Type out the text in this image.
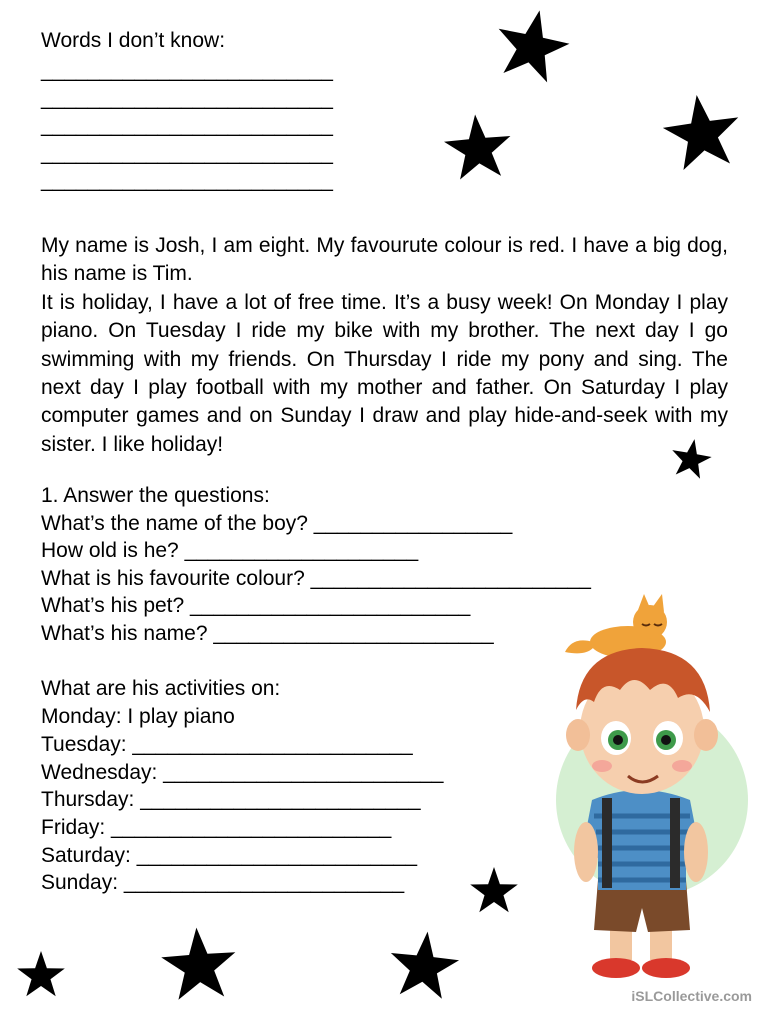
Words I don’t know:
_________________________
_________________________
_________________________
_________________________
_________________________

My name is Josh, I am eight. My favourute colour is red. I have a big dog, his name is Tim.

It is holiday, I have a lot of free time. It’s a busy week! On Monday I play piano. On Tuesday I ride my bike with my brother. The next day I go swimming with my friends. On Thursday I ride my pony and sing. The next day I play football with my mother and father. On Saturday I play computer games and on Sunday I draw and play hide-and-seek with my sister. I like holiday!

1. Answer the questions:
What’s the name of the boy? _________________
How old is he? ____________________
What is his favourite colour? ________________________
What’s his pet? ________________________
What’s his name? ________________________
What are his activities on:
Monday: I play piano
Tuesday: ________________________
Wednesday: ________________________
Thursday: ________________________
Friday: ________________________
Saturday: ________________________
Sunday: ________________________
iSLCollective.com
